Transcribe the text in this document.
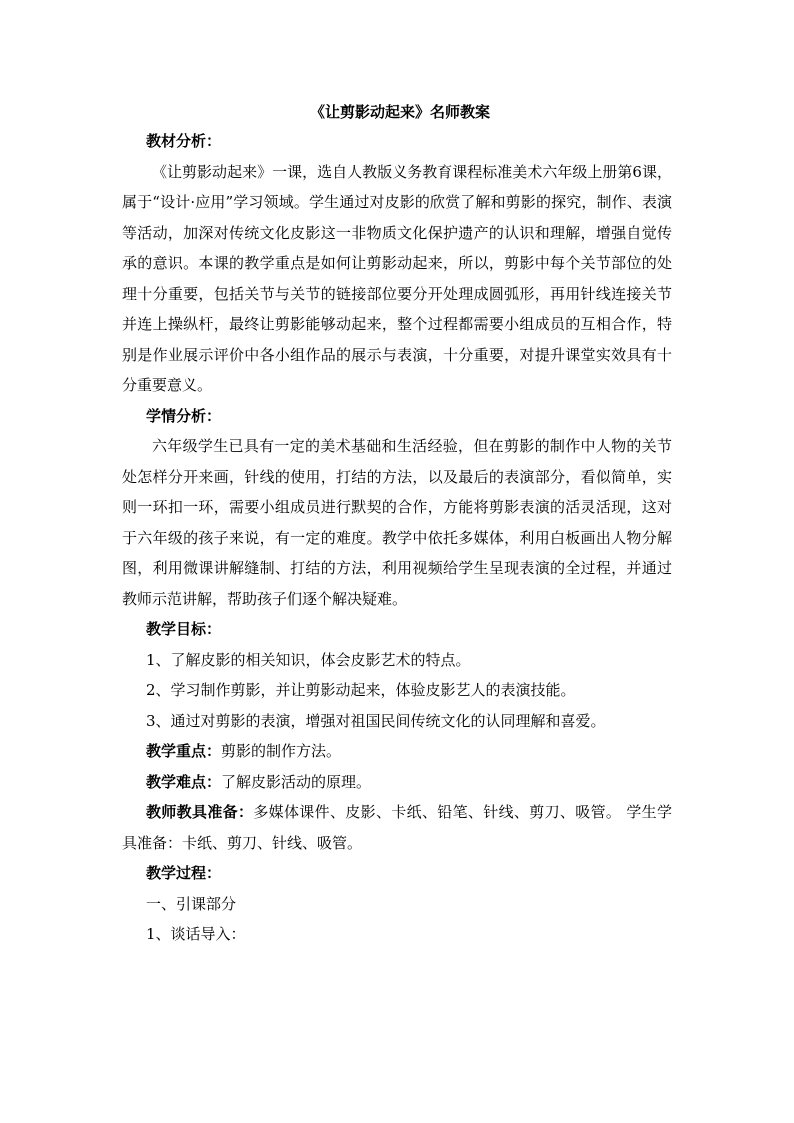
《让剪影动起来》名师教案

教材分析：

《让剪影动起来》一课，选自人教版义务教育课程标准美术六年级上册第6课，属于“设计·应用”学习领域。学生通过对皮影的欣赏了解和剪影的探究，制作、表演等活动，加深对传统文化皮影这一非物质文化保护遗产的认识和理解，增强自觉传承的意识。本课的教学重点是如何让剪影动起来，所以，剪影中每个关节部位的处理十分重要，包括关节与关节的链接部位要分开处理成圆弧形，再用针线连接关节并连上操纵杆，最终让剪影能够动起来，整个过程都需要小组成员的互相合作，特别是作业展示评价中各小组作品的展示与表演，十分重要，对提升课堂实效具有十分重要意义。

学情分析：

六年级学生已具有一定的美术基础和生活经验，但在剪影的制作中人物的关节处怎样分开来画，针线的使用，打结的方法，以及最后的表演部分，看似简单，实则一环扣一环，需要小组成员进行默契的合作，方能将剪影表演的活灵活现，这对于六年级的孩子来说，有一定的难度。教学中依托多媒体，利用白板画出人物分解图，利用微课讲解缝制、打结的方法，利用视频给学生呈现表演的全过程，并通过教师示范讲解，帮助孩子们逐个解决疑难。

教学目标：

1、了解皮影的相关知识，体会皮影艺术的特点。

2、学习制作剪影，并让剪影动起来，体验皮影艺人的表演技能。

3、通过对剪影的表演，增强对祖国民间传统文化的认同理解和喜爱。

教学重点：剪影的制作方法。

教学难点：了解皮影活动的原理。

教师教具准备：多媒体课件、皮影、卡纸、铅笔、针线、剪刀、吸管。 学生学具准备：卡纸、剪刀、针线、吸管。

教学过程：

一、引课部分

1、谈话导入：
